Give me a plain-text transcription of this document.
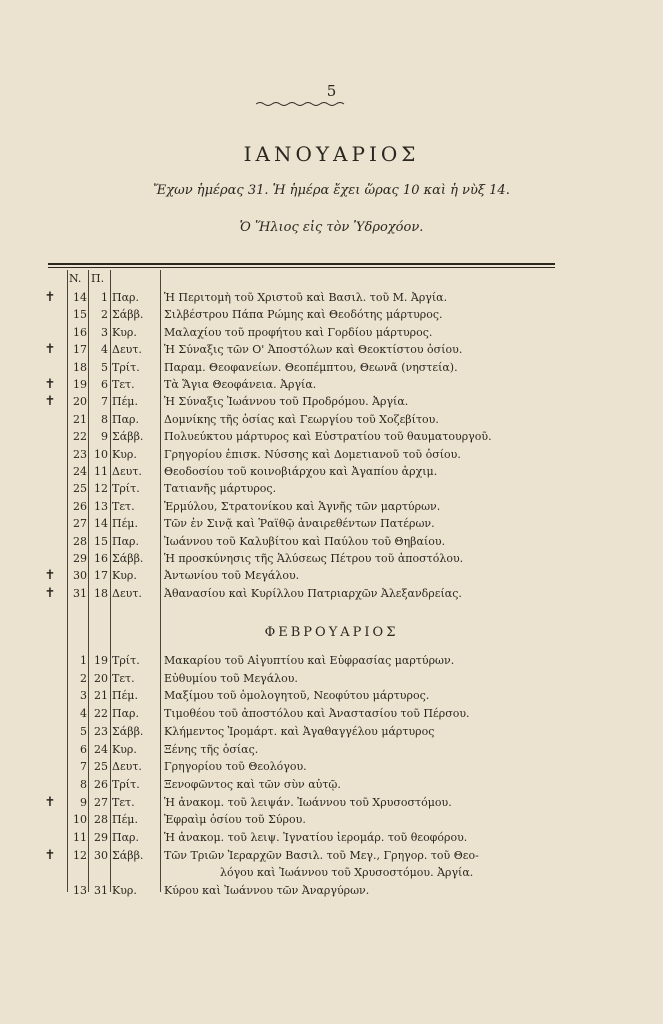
5
ΙΑΝΟΥΑΡΙΟΣ
Ἔχων ἡμέρας 31. Ἡ ἡμέρα ἔχει ὥρας 10 καὶ ἡ νὺξ 14.
Ὁ Ἥλιος εἰς τὸν Ὑδροχόον.
N. Π.
✝	14	1 Παρ.	Ἡ Περιτομὴ τοῦ Χριστοῦ καὶ Βασιλ. τοῦ Μ. Ἀργία.
15	2 Σάββ.	Σιλβέστρου Πάπα Ρώμης καὶ Θεοδότης μάρτυρος.
16	3 Κυρ.	Μαλαχίου τοῦ προφήτου καὶ Γορδίου μάρτυρος.
✝	17	4 Δευτ.	Ἡ Σύναξις τῶν Ο' Ἀποστόλων καὶ Θεοκτίστου ὁσίου.
18	5 Τρίτ.	Παραμ. Θεοφανείων. Θεοπέμπτου, Θεωνᾶ (νηστεία).
✝	19	6 Τετ.	Τὰ Ἅγια Θεοφάνεια. Ἀργία.
✝	20	7 Πέμ.	Ἡ Σύναξις Ἰωάννου τοῦ Προδρόμου. Ἀργία.
21	8 Παρ.	Δομνίκης τῆς ὁσίας καὶ Γεωργίου τοῦ Χοζεβίτου.
22	9 Σάββ.	Πολυεύκτου μάρτυρος καὶ Εὐστρατίου τοῦ θαυματουργοῦ.
23 10 Κυρ.	Γρηγορίου ἐπισκ. Νύσσης καὶ Δομετιανοῦ τοῦ ὁσίου.
24 11 Δευτ.	Θεοδοσίου τοῦ κοινοβιάρχου καὶ Ἀγαπίου ἀρχιμ.
25 12 Τρίτ.	Τατιανῆς μάρτυρος.
26 13 Τετ.	Ἑρμύλου, Στρατονίκου καὶ Ἁγνῆς τῶν μαρτύρων.
27 14 Πέμ.	Τῶν ἐν Σινᾷ καὶ Ῥαϊθῷ ἀναιρεθέντων Πατέρων.
28 15 Παρ.	Ἰωάννου τοῦ Καλυβίτου καὶ Παύλου τοῦ Θηβαίου.
29 16 Σάββ.	Ἡ προσκύνησις τῆς Ἁλύσεως Πέτρου τοῦ ἀποστόλου.
✝	30 17 Κυρ.	Ἀντωνίου τοῦ Μεγάλου.
✝	31 18 Δευτ.	Ἀθανασίου καὶ Κυρίλλου Πατριαρχῶν Ἀλεξανδρείας.
ΦΕΒΡΟΥΑΡΙΟΣ
1 19 Τρίτ.	Μακαρίου τοῦ Αἰγυπτίου καὶ Εὐφρασίας μαρτύρων.
2 20 Τετ.	Εὐθυμίου τοῦ Μεγάλου.
3 21 Πέμ.	Μαξίμου τοῦ ὁμολογητοῦ, Νεοφύτου μάρτυρος.
4 22 Παρ.	Τιμοθέου τοῦ ἀποστόλου καὶ Ἀναστασίου τοῦ Πέρσου.
5 23 Σάββ.	Κλήμεντος Ἰρομάρτ. καὶ Ἀγαθαγγέλου μάρτυρος
6 24 Κυρ.	Ξένης τῆς ὁσίας.
7 25 Δευτ.	Γρηγορίου τοῦ Θεολόγου.
8 26 Τρίτ.	Ξενοφῶντος καὶ τῶν σὺν αὐτῷ.
✝	9 27 Τετ.	Ἡ ἀνακομ. τοῦ λειψάν. Ἰωάννου τοῦ Χρυσοστόμου.
10 28 Πέμ.	Ἐφραὶμ ὁσίου τοῦ Σύρου.
11 29 Παρ.	Ἡ ἀνακομ. τοῦ λειψ. Ἰγνατίου ἱερομάρ. τοῦ θεοφόρου.
✝	12 30 Σάββ.	Τῶν Τριῶν Ἱεραρχῶν Βασιλ. τοῦ Μεγ., Γρηγορ. τοῦ Θεο-
λόγου καὶ Ἰωάννου τοῦ Χρυσοστόμου. Ἀργία.
13 31 Κυρ.	Κύρου καὶ Ἰωάννου τῶν Ἀναργύρων.
